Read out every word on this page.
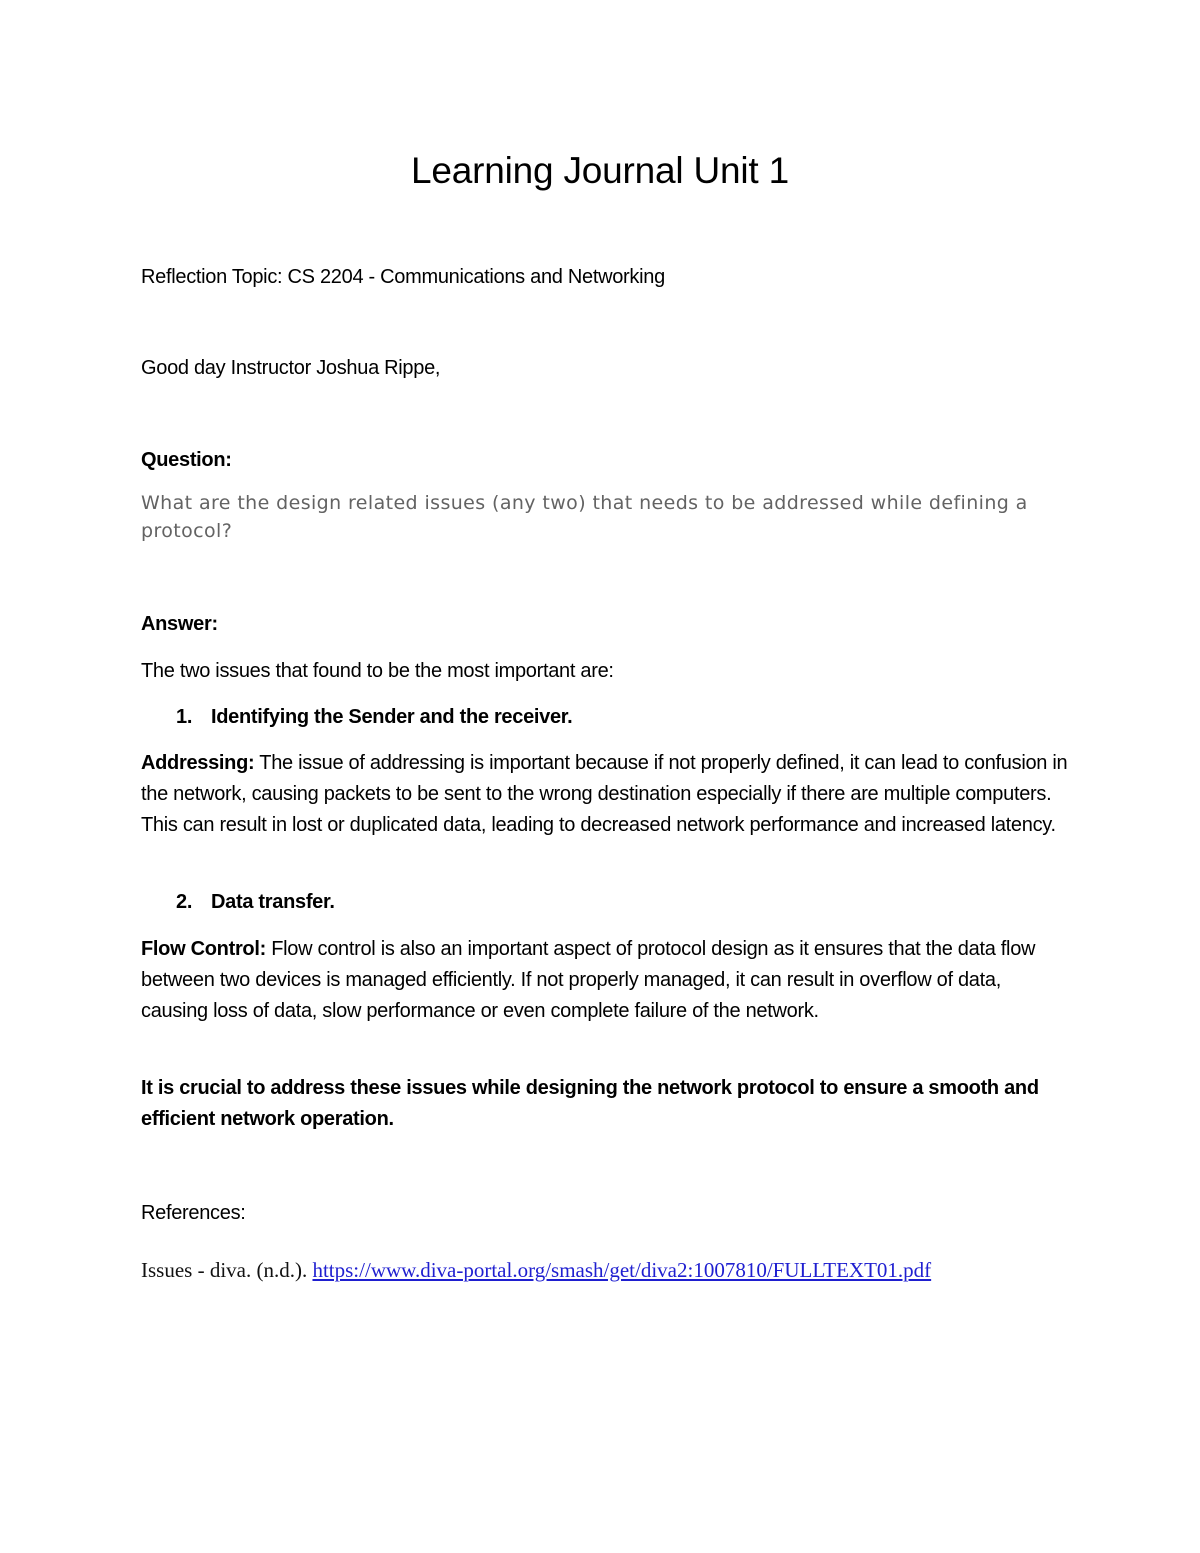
Learning Journal Unit 1

Reflection Topic: CS 2204 - Communications and Networking

Good day Instructor Joshua Rippe,

Question:

What are the design related issues (any two) that needs to be addressed while defining a protocol?

Answer:

The two issues that found to be the most important are:

1. Identifying the Sender and the receiver.

Addressing: The issue of addressing is important because if not properly defined, it can lead to confusion in the network, causing packets to be sent to the wrong destination especially if there are multiple computers. This can result in lost or duplicated data, leading to decreased network performance and increased latency.

2. Data transfer.

Flow Control: Flow control is also an important aspect of protocol design as it ensures that the data flow between two devices is managed efficiently. If not properly managed, it can result in overflow of data, causing loss of data, slow performance or even complete failure of the network.

It is crucial to address these issues while designing the network protocol to ensure a smooth and efficient network operation.

References:

Issues - diva. (n.d.). https://www.diva-portal.org/smash/get/diva2:1007810/FULLTEXT01.pdf
